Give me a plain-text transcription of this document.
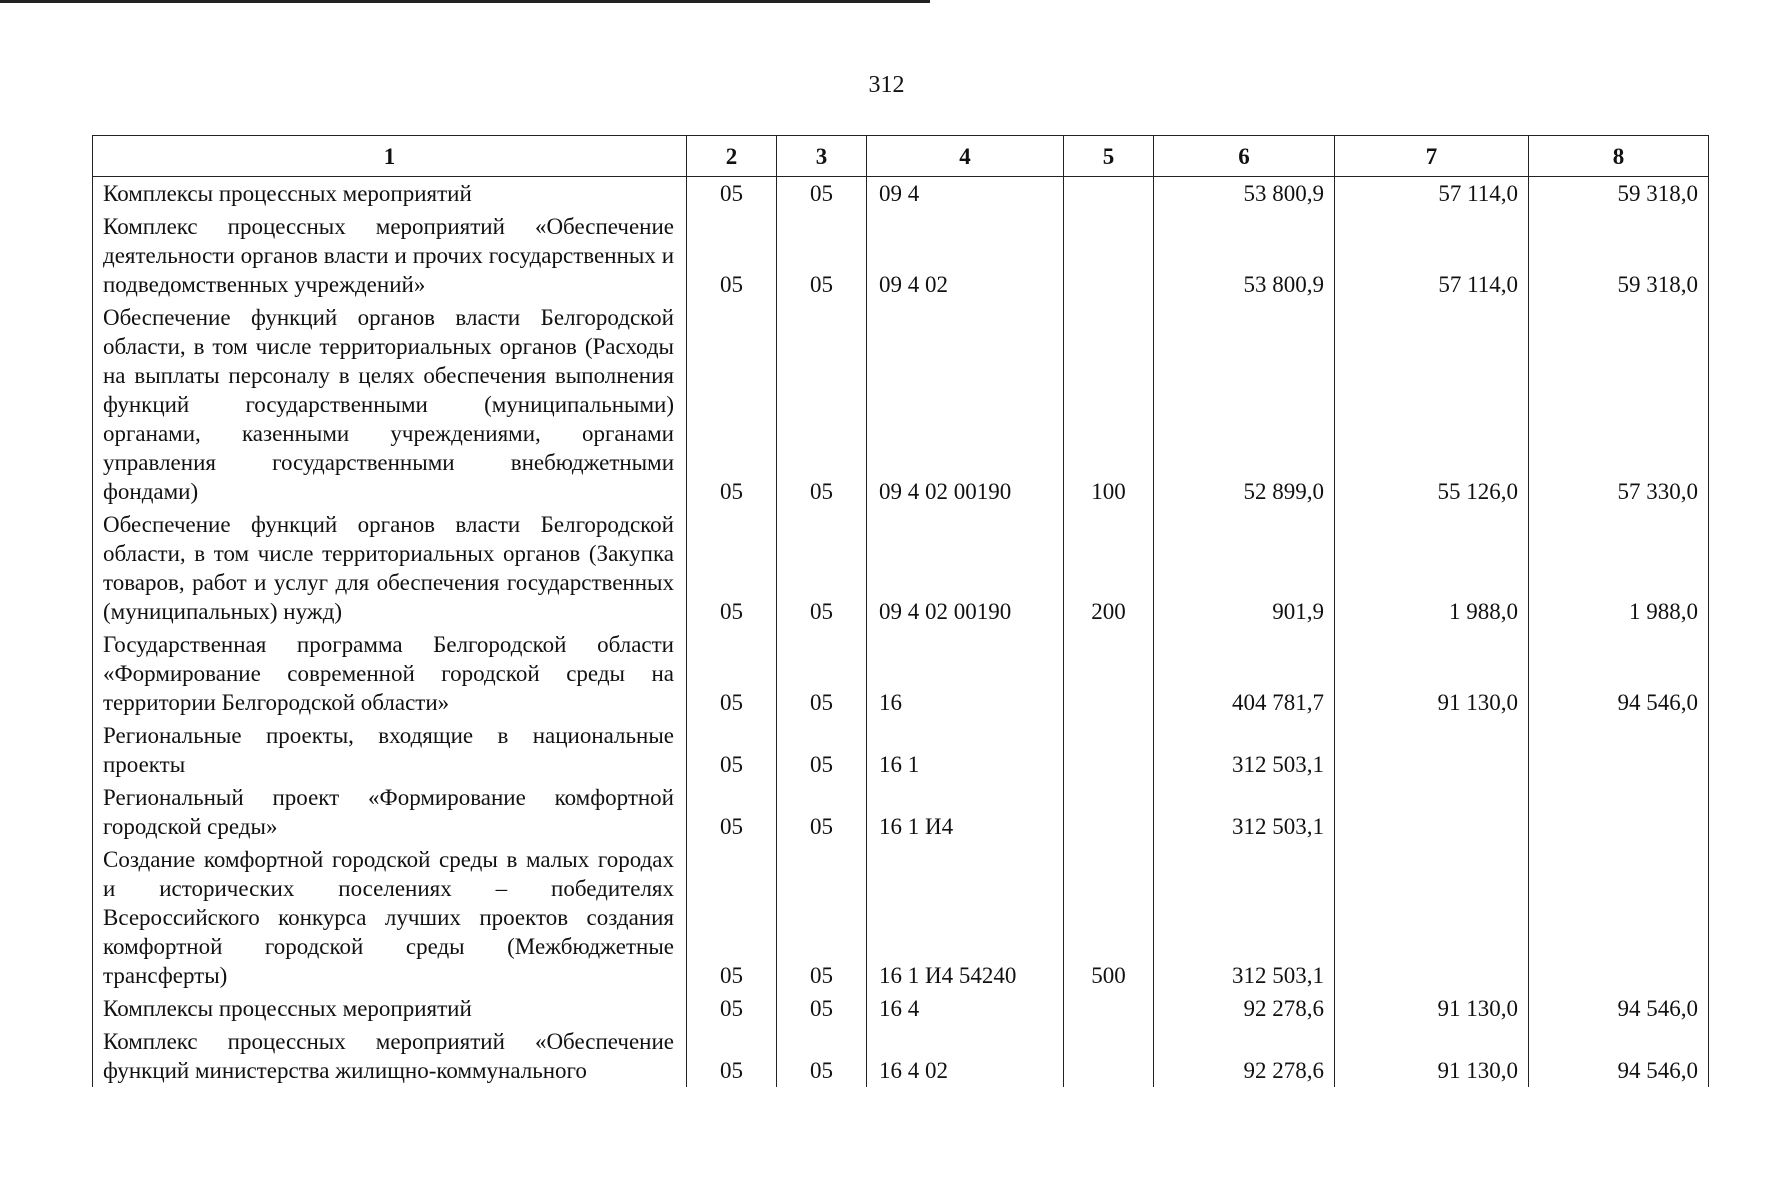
312
1	2	3	4	5	6	7	8
Комплексы процессных мероприятий	05	05	09 4		53 800,9	57 114,0	59 318,0
Комплекс процессных мероприятий «Обеспечение деятельности органов власти и прочих государственных и подведомственных учреждений»	05	05	09 4 02		53 800,9	57 114,0	59 318,0
Обеспечение функций органов власти Белгородской области, в том числе территориальных органов (Расходы на выплаты персоналу в целях обеспечения выполнения функций государственными (муниципальными) органами, казенными учреждениями, органами управления государственными внебюджетными фондами)	05	05	09 4 02 00190	100	52 899,0	55 126,0	57 330,0
Обеспечение функций органов власти Белгородской области, в том числе территориальных органов (Закупка товаров, работ и услуг для обеспечения государственных (муниципальных) нужд)	05	05	09 4 02 00190	200	901,9	1 988,0	1 988,0
Государственная программа Белгородской области «Формирование современной городской среды на территории Белгородской области»	05	05	16		404 781,7	91 130,0	94 546,0
Региональные проекты, входящие в национальные проекты	05	05	16 1		312 503,1		
Региональный проект «Формирование комфортной городской среды»	05	05	16 1 И4		312 503,1		
Создание комфортной городской среды в малых городах и исторических поселениях – победителях Всероссийского конкурса лучших проектов создания комфортной городской среды (Межбюджетные трансферты)	05	05	16 1 И4 54240	500	312 503,1		
Комплексы процессных мероприятий	05	05	16 4		92 278,6	91 130,0	94 546,0
Комплекс процессных мероприятий «Обеспечение функций министерства жилищно-коммунального	05	05	16 4 02		92 278,6	91 130,0	94 546,0
